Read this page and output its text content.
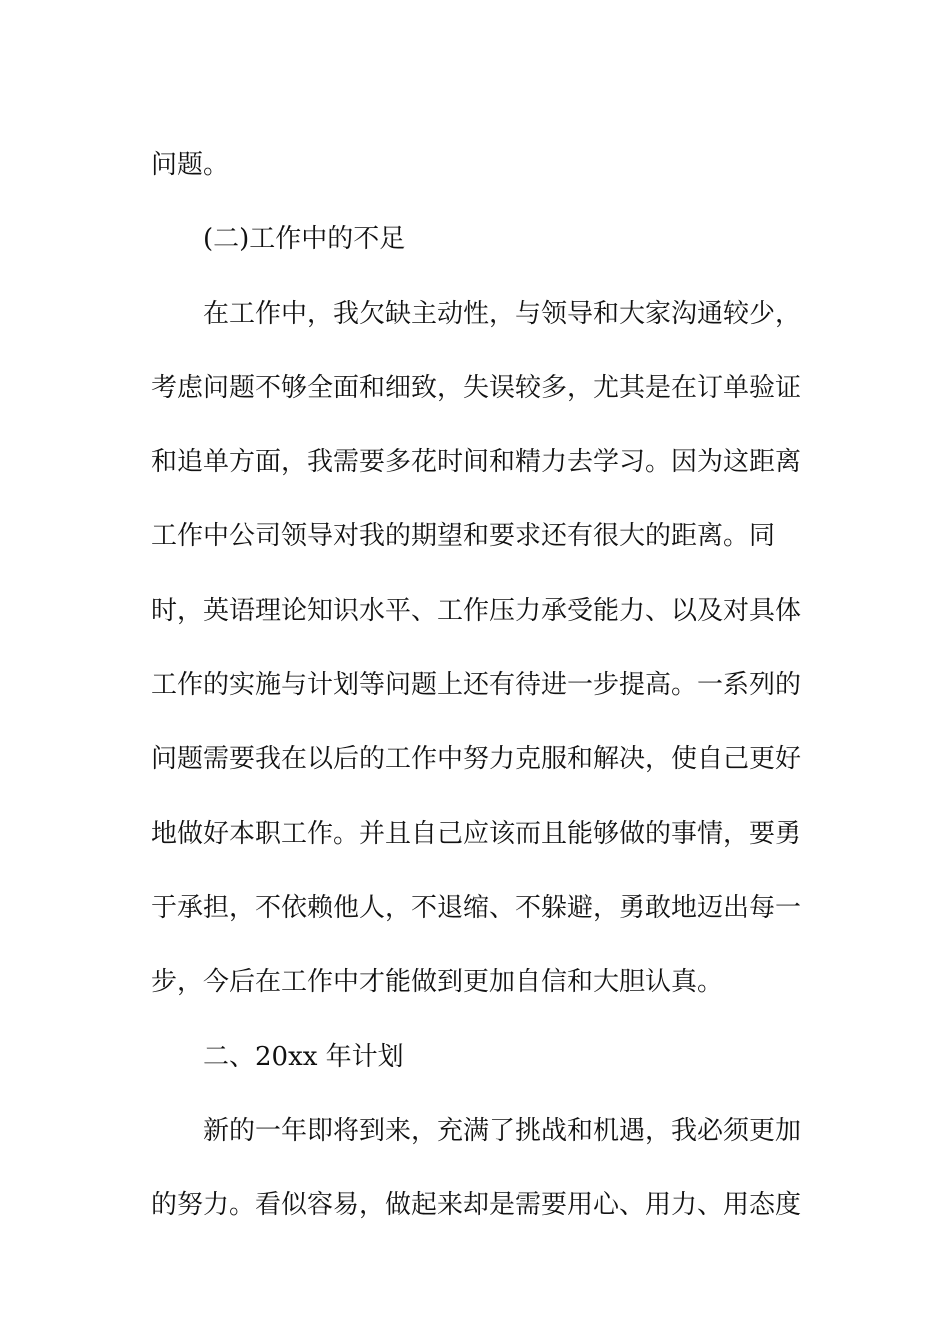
问题。
(二)工作中的不足
在工作中，我欠缺主动性，与领导和大家沟通较少，
考虑问题不够全面和细致，失误较多，尤其是在订单验证
和追单方面，我需要多花时间和精力去学习。因为这距离
工作中公司领导对我的期望和要求还有很大的距离。同
时，英语理论知识水平、工作压力承受能力、以及对具体
工作的实施与计划等问题上还有待进一步提高。一系列的
问题需要我在以后的工作中努力克服和解决，使自己更好
地做好本职工作。并且自己应该而且能够做的事情，要勇
于承担，不依赖他人，不退缩、不躲避，勇敢地迈出每一
步，今后在工作中才能做到更加自信和大胆认真。
二、20xx 年计划
新的一年即将到来，充满了挑战和机遇，我必须更加
的努力。看似容易，做起来却是需要用心、用力、用态度
